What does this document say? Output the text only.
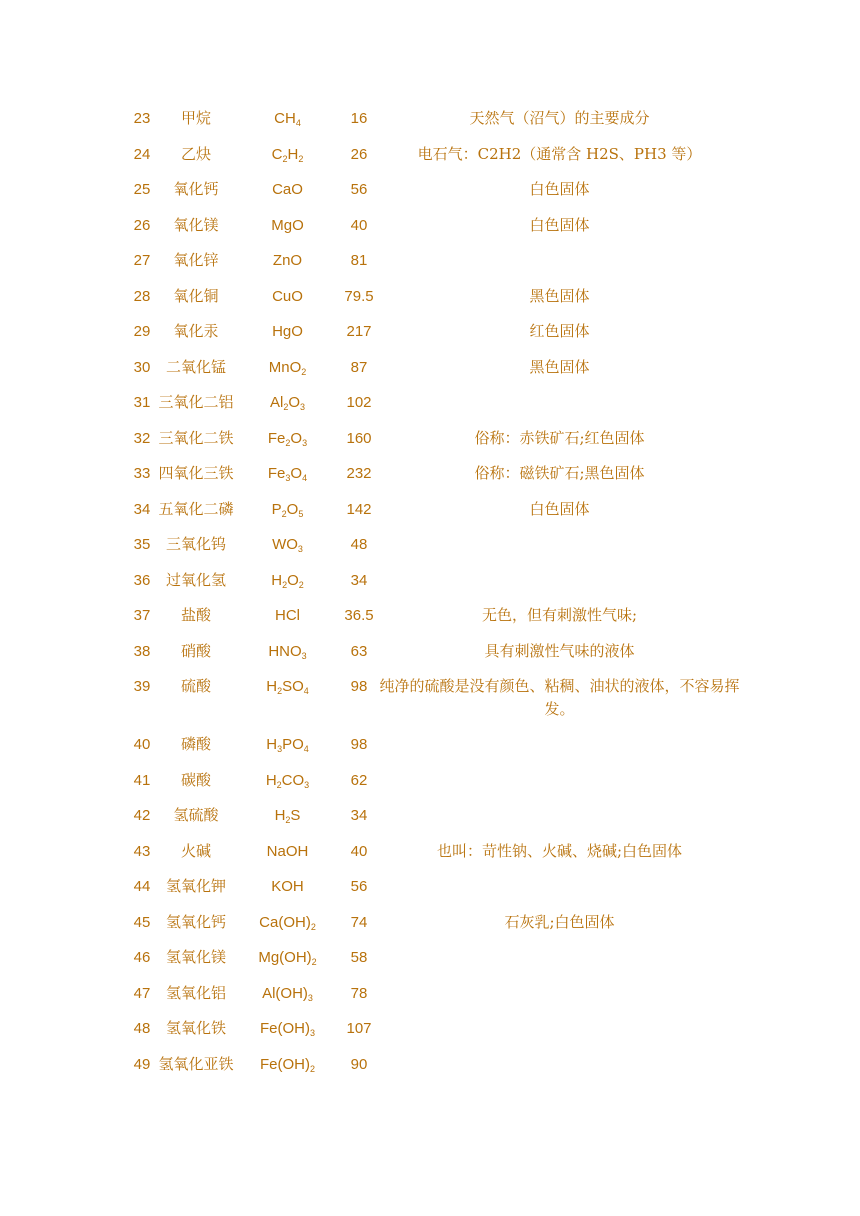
23	甲烷	$CH_4$	16	天然气（沼气）的主要成分
24	乙炔	$C_2H_2$	26	电石气：C2H2（通常含 H2S、PH3 等）
25	氧化钙	CaO	56	白色固体
26	氧化镁	MgO	40	白色固体
27	氧化锌	ZnO	81
28	氧化铜	CuO	79.5	黑色固体
29	氧化汞	HgO	217	红色固体
30	二氧化锰	MnO$_2$	87	黑色固体
31 三氧化二铝	$Al_2O_3$	102
32 三氧化二铁	$Fe_2O_3$	160	俗称：赤铁矿石;红色固体
33 四氧化三铁	$Fe_3O_4$	232	俗称：磁铁矿石;黑色固体
34 五氧化二磷	$P_2O_5$	142	白色固体
35	三氧化钨	$WO_3$	48
36	过氧化氢	$H_2O_2$	34
37	盐酸	HCl	36.5	无色，但有刺激性气味;
38	硝酸	$HNO_3$	63	具有刺激性气味的液体
39	硫酸	$H_2SO_4$	98 纯净的硫酸是没有颜色、粘稠、油状的液体，不容易挥发。
40	磷酸	$H_3PO_4$	98
41	碳酸	$H_2CO_3$	62
42	氢硫酸	$H_2S$	34
43	火碱	NaOH	40	也叫：苛性钠、火碱、烧碱;白色固体
44	氢氧化钾	KOH	56
45	氢氧化钙	$Ca(OH)_2$	74	石灰乳;白色固体
46	氢氧化镁	$Mg(OH)_2$	58
47	氢氧化铝	$Al(OH)_3$	78
48	氢氧化铁	$Fe(OH)_3$	107
49 氢氧化亚铁	$Fe(OH)_2$	90
